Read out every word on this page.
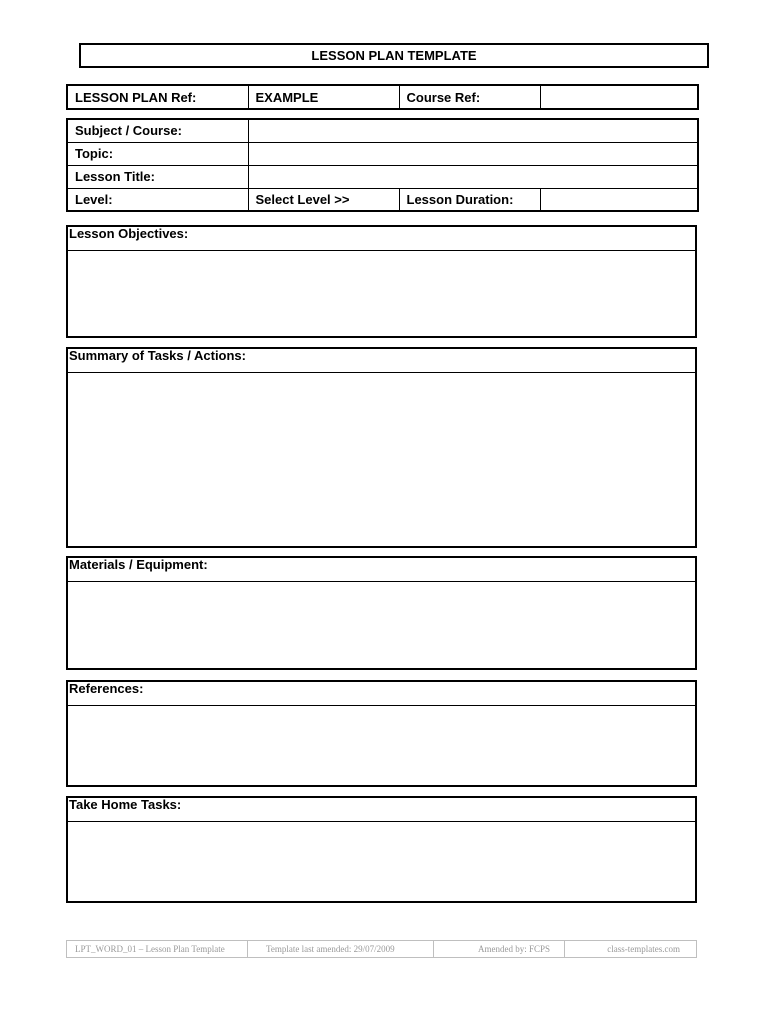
LESSON PLAN TEMPLATE
LESSON PLAN Ref:	EXAMPLE	Course Ref:	
Subject / Course:			
Topic:			
Lesson Title:			
Level:	Select Level >>	Lesson Duration:	
Lesson Objectives:
Summary of Tasks / Actions:
Materials / Equipment:
References:
Take Home Tasks:
LPT_WORD_01 – Lesson Plan Template	Template last amended: 29/07/2009	Amended by: FCPS	class-templates.com
